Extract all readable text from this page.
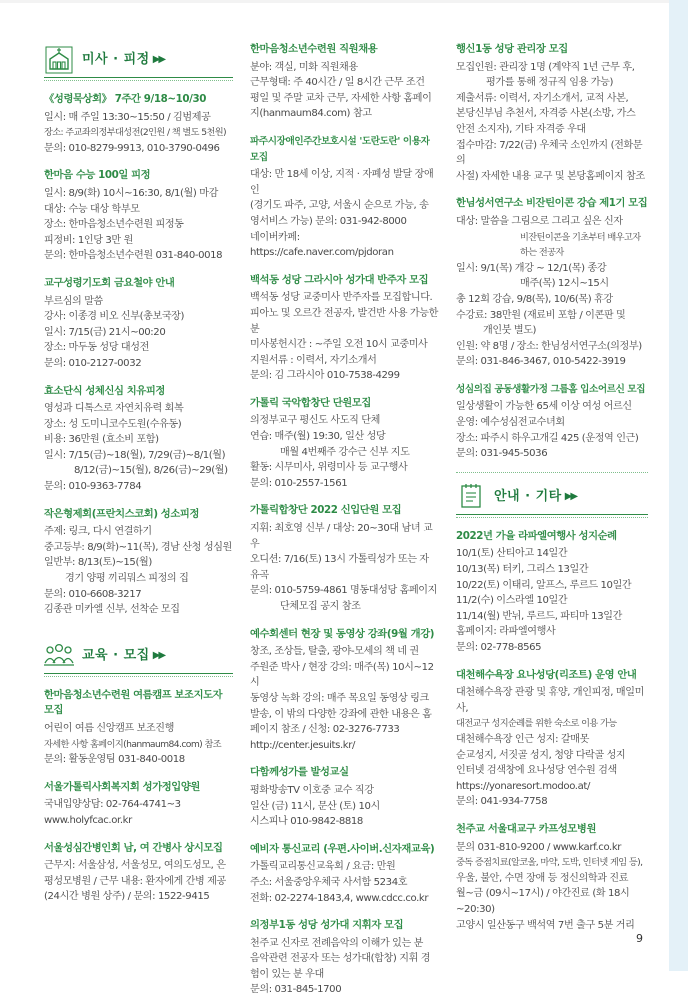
미사 · 피정 ▶▶
《성령묵상회》 7주간 9/18~10/30
일시: 매 주일 13:30~15:50 / 김범제공
장소: 주교좌의정부대성전(2인원 / 책 별도 5천원)
문의: 010-8279-9913, 010-3790-0496
한마음 수능 100일 피정
일시: 8/9(화) 10시~16:30, 8/1(월) 마감
대상: 수능 대상 학부모
장소: 한마음청소년수련원 피정동
피정비: 1인당 3만 원
문의: 한마음청소년수련원 031-840-0018
교구성령기도회 금요철야 안내
부르심의 말씀
강사: 이종경 비오 신부(총보국장)
일시: 7/15(금) 21시~00:20
장소: 마두동 성당 대성전
문의: 010-2127-0032
효소단식 성체신심 치유피정
영성과 디톡스로 자연치유력 회복
장소: 성 도미니코수도원(수유동)
비용: 36만원 (효소비 포함)
일시: 7/15(금)~18(월), 7/29(금)~8/1(월)
8/12(금)~15(월), 8/26(금)~29(월)
문의: 010-9363-7784
작은형제회(프란치스코회) 성소피정
주제: 링크, 다시 연결하기
중고등부: 8/9(화)~11(목), 경남 산청 성심원
일반부: 8/13(토)~15(월)
경기 양평 끼리뭐스 피정의 집
문의: 010-6608-3217
김종관 미카엘 신부, 선착순 모집
교육 · 모집 ▶▶
한마음청소년수련원 여름캠프 보조지도자 모집
어린이 여름 신앙캠프 보조진행
자세한 사항 홈페이지(hanmaum84.com) 참조
문의: 활동운영팀 031-840-0018
서울가톨릭사회복지회 성가정입양원
국내입양상담: 02-764-4741~3
www.holyfcac.or.kr
서울성심간병인회 남, 여 간병사 상시모집
근무지: 서울삼성, 서울성모, 여의도성모, 은
평성모병원 / 근무 내용: 환자에게 간병 제공
(24시간 병원 상주) / 문의: 1522-9415
한마음청소년수련원 직원채용
분야: 객실, 미화 직원채용
근무형태: 주 40시간 / 일 8시간 근무 조건
평일 및 주말 교차 근무, 자세한 사항 홈페이
지(hanmaum84.com) 참고
파주시장애인주간보호시설 '도란도란' 이용자 모집
대상: 만 18세 이상, 지적 · 자폐성 발달 장애인
(경기도 파주, 고양, 서울시 순으로 가능, 송
영서비스 가능) 문의: 031-942-8000
네이버카페: https://cafe.naver.com/pjdoran
백석동 성당 그라시아 성가대 반주자 모집
백석동 성당 교중미사 반주자를 모집합니다.
피아노 및 오르간 전공자, 발건반 사용 가능한 분
미사봉헌시간 : ~주일 오전 10시 교중미사
지원서류 : 이력서, 자기소개서
문의: 김 그라시아 010-7538-4299
가톨릭 국악합창단 단원모집
의정부교구 평신도 사도직 단체
연습: 매주(월) 19:30, 일산 성당
매월 4번째주 강수근 신부 지도
활동: 시무미사, 위령미사 등 교구행사
문의: 010-2557-1561
가톨릭합창단 2022 신입단원 모집
지휘: 최호영 신부 / 대상: 20~30대 남녀 교우
오디션: 7/16(토) 13시 가톨릭성가 또는 자유곡
문의: 010-5759-4861 명동대성당 홈페이지
단체모집 공지 참조
예수회센터 현장 및 동영상 강좌(9월 개강)
창조, 조상들, 탈출, 광야-모세의 책 네 권
주원준 박사 / 현장 강의: 매주(목) 10시~12시
동영상 녹화 강의: 매주 목요일 동영상 링크
발송, 이 밖의 다양한 강좌에 관한 내용은 홈
페이지 참조 / 신청: 02-3276-7733
http://center.jesuits.kr/
다함께성가를 발성교실
평화방송TV 이호중 교수 직강
일산 (금) 11시, 문산 (토) 10시
시스피나 010-9842-8818
예비자 통신교리 (우편.사이버.신자재교육)
가톨릭교리통신교육회 / 요금: 만원
주소: 서울중앙우체국 사서함 5234호
전화: 02-2274-1843,4, www.cdcc.co.kr
의정부1동 성당 성가대 지휘자 모집
천주교 신자로 전례음악의 이해가 있는 분
음악관련 전공자 또는 성가대(합창) 지휘 경
험이 있는 분 우대
문의: 031-845-1700
행신1동 성당 관리장 모집
모집인원: 관리장 1명 (계약직 1년 근무 후,
평가를 통해 정규직 임용 가능)
제출서류: 이력서, 자기소개서, 교적 사본,
본당신부님 추천서, 자격증 사본(소방, 가스
안전 소지자), 기타 자격증 우대
접수마감: 7/22(금) 우체국 소인까지 (전화문의
사절) 자세한 내용 교구 및 본당홈페이지 참조
한님성서연구소 비잔틴이콘 강습 제1기 모집
대상: 말씀을 그림으로 그리고 싶은 신자
비잔틴이콘을 기초부터 배우고자 하는 전공자
일시: 9/1(목) 개강 ~ 12/1(목) 종강
매주(목) 12시~15시
총 12회 강습, 9/8(목), 10/6(목) 휴강
수강료: 38만원 (재료비 포함 / 이콘판 및
개인붓 별도)
인원: 약 8명 / 장소: 한님성서연구소(의정부)
문의: 031-846-3467, 010-5422-3919
성심의집 공동생활가정 그룹홈 입소어르신 모집
일상생활이 가능한 65세 이상 여성 어르신
운영: 예수성심전교수녀회
장소: 파주시 하우고개길 425 (운정역 인근)
문의: 031-945-5036
안내 · 기타 ▶▶
2022년 가을 라파엘여행사 성지순례
10/1(토) 산티아고 14일간
10/13(목) 터키, 그리스 13일간
10/22(토) 이태리, 알프스, 루르드 10일간
11/2(수) 이스라엘 10일간
11/14(월) 반뉘, 루르드, 파티마 13일간
홈페이지: 라파엘여행사
문의: 02-778-8565
대천해수욕장 요나성당(리조트) 운영 안내
대천해수욕장 관광 및 휴양, 개인피정, 매일미사,
대전교구 성지순례를 위한 숙소로 이용 가능
대천해수욕장 인근 성지: 갈매못
순교성지, 서짓골 성지, 청양 다락골 성지
인터넷 검색창에 요나성당 연수원 검색
https://yonaresort.modoo.at/
문의: 041-934-7758
천주교 서울대교구 카프성모병원
문의 031-810-9200 / www.karf.co.kr
중독 증점치료(알코올, 마약, 도박, 인터넷 게임 등),
우울, 불안, 수면 장애 등 정신의학과 진료
월~금 (09시~17시) / 야간진료 (화 18시~20:30)
고양시 일산동구 백석역 7번 출구 5분 거리
9
